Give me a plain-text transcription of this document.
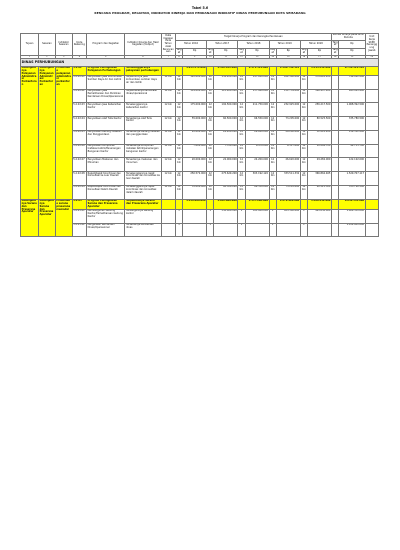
Tabel 5.6
RENCANA PROGRAM, KEGIATAN, INDIKATOR KINERJA DAN PENDANAAN INDIKATIF DINAS PERHUBUNGAN KOTA SEMARANG
Tujuan	Sasaran	Indikator Sasaran	Kode Rekening	Program dan Kegiatan	Indikator Kinerja dan Hasil Kegiatan (Output)	Data Capaian Pada Tahun Awal Perencanaan	Target Kinerja Program dan Kerangka Pendanaan										Kondisi Kinerja pada Akhir Periode		Unit Kerja SKPD Penanggung Jawab
							Tahun 2016		Tahun 2017		Tahun 2018		Tahun 2019		Tahun 2020		Target	Rp	
							Target	Rp	Target	Rp	Target	Rp	Target	Rp	Target	Rp	Target	Rp	
1	2	3	4	5	6	7	8	9	10	11	12	13	14	15	16	17	18	19	20
DINAS PERHUBUNGAN																			
Meningkatnya Pelayanan Administrasi Perkantoran	Meningkatnya Pelayanan Administrasi Perkantoran	Prosentase pelayanan administrasi perkantoran	5.2.02	Program Peningkatan Pelayanan Perhubungan	Terselenggaranya pelayanan perhubungan			1.231.572.000		1.356.632.000		1.471.311.000		1.586.730.412		1.413.432.000		6.741.521.112	
			5.2.02.01	Penyediaan Jasa Komunikasi Sumber Daya Air dan Listrik	Terpenuhinya jasa komunikasi, sumber daya air dan listrik	12 bln	12 bln	122.000.000	12 bln	134.200.000	12 bln	147.620.000	12 bln	162.382.000	12 bln	178.620.200		744.822.200	
			5.2.02.02	Penyediaan Jasa Pemeliharaan dan Perizinan Kendaraan Dinas/Operasional	Terpeliharanya kendaraan dinas/operasional	12 bln	12 bln	114.000.000	12 bln	125.400.000	12 bln	137.940.000	12 bln	151.734.000	12 bln	166.907.400		695.981.400	
			5.2.02.03	Penyediaan Jasa Kebersihan Kantor	Terselenggaranya kebersihan kantor	12 bln	12 bln	175.000.000	12 bln	192.500.000	12 bln	211.750.000	12 bln	232.925.000	12 bln	256.217.500		1.068.392.500	
			5.2.02.04	Penyediaan Alat Tulis Kantor	Tersedianya Alat Tulis Kantor	12 bln	12 bln	55.000.000	12 bln	60.500.000	12 bln	66.550.000	12 bln	73.205.000	12 bln	80.525.500		335.780.500	
			5.2.02.05	Penyediaan Barang Cetakan dan Penggandaan	Tersedianya barang cetakan dan penggandaan	12 bln	12 bln	22.000.000	12 bln	24.200.000	12 bln	26.620.000	12 bln	29.282.000	12 bln	32.210.200		134.312.200	
			5.2.02.06	Penyediaan Komponen Instalasi Listrik/Penerangan Bangunan Kantor	Tersedianya komponen instalasi listrik/penerangan bangunan kantor	12 bln	12 bln	7.000.000	12 bln	7.700.000	12 bln	8.470.000	12 bln	9.317.000	12 bln	10.248.700		42.735.700	
			5.2.02.07	Penyediaan Makanan dan Minuman	Tersedianya makanan dan minuman	12 bln	12 bln	20.000.000	12 bln	22.000.000	12 bln	24.200.000	12 bln	26.620.000	12 bln	29.282.000		122.102.000	
			5.2.02.08	Rapat-Rapat Koordinasi dan Konsultasi ke Luar Daerah	Terselenggaranya rapat koordinasi dan konsultasi ke luar daerah	12 bln	12 bln	250.572.000	12 bln	275.629.200	12 bln	303.192.120	12 bln	333.511.332	12 bln	366.862.465		1.529.767.117	
			5.2.02.09	Rapat-Rapat Koordinasi dan Konsultasi Dalam Daerah	Terselenggaranya rapat koordinasi dan konsultasi dalam daerah	12 bln	12 bln	55.000.000	12 bln	60.500.000	12 bln	66.550.000	12 bln	73.205.000	12 bln	80.525.500		335.780.500	
Meningkatnya Sarana dan Prasarana Aparatur	Meningkatnya Sarana dan Prasarana Aparatur	Prosentase sarana prasarana memadai	5.2.03	Program Peningkatan Sarana dan Prasarana Aparatur	Terpenuhinya Sarana dan Prasarana Aparatur			1.150.000.000		1.052.000.000		1.157.200.000		1.272.920.000		1.400.212.000		6.032.332.000	
			5.2.03.01	Pembangunan Gedung Kantor/Pemeliharaan Gedung Kantor	Terbangunnya Gedung kantor		1		1	350.000.000	1	385.000.000	1	423.500.000	1	465.850.000		1.624.350.000	
			5.2.03.02	Pengadaan Kendaraan Dinas/Operasional	Tersedianya kendaraan dinas		1		1		1		1		1			1.032.000.000	
